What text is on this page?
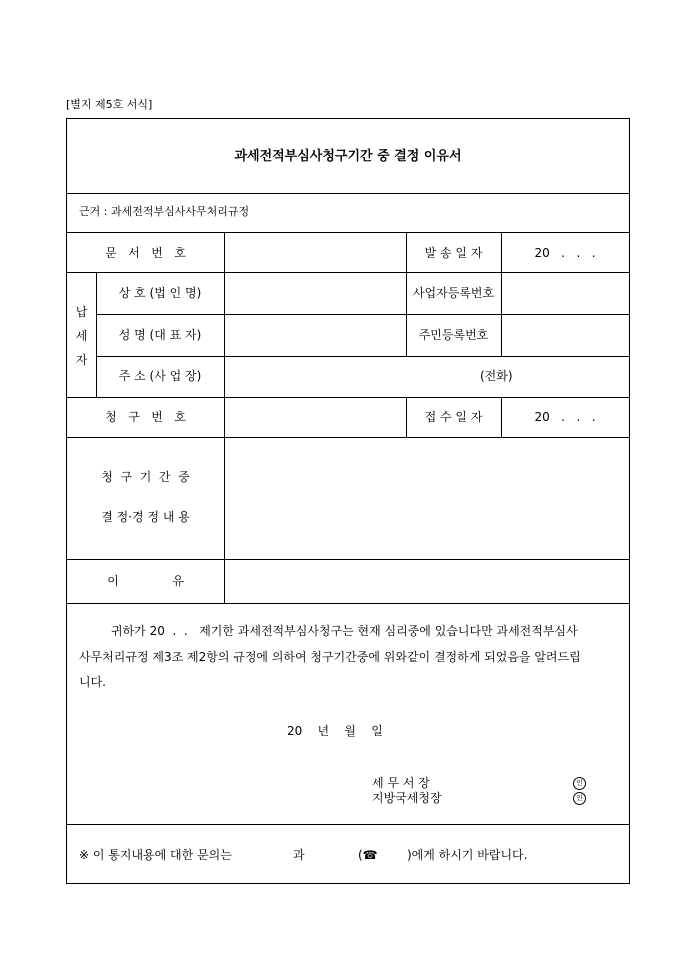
[별지 제5호 서식]
과세전적부심사청구기간 중 결정 이유서
근거 : 과세전적부심사사무처리규정
문   서   번   호	발 송 일 자	20   .   .   .
납
세
자
상 호 (법 인 명)	사업자등록번호
성 명 (대 표 자)	주민등록번호
주 소 (사 업 장)	(전화)
청   구   번   호	접 수 일 자	20   .   .   .
청  구  기  간  중
결 정·경 정 내 용
이              유
귀하가 20  .  .   제기한 과세전적부심사청구는 현재 심리중에 있습니다만 과세전적부심사
사무처리규정 제3조 제2항의 규정에 의하여 청구기간중에 위와같이 결정하게 되었음을 알려드립
니다.
20    년    월    일
세 무 서 장
지방국세청장
인
인
※ 이 통지내용에 대한 문의는	과	(☎ )에게 하시기 바랍니다.
